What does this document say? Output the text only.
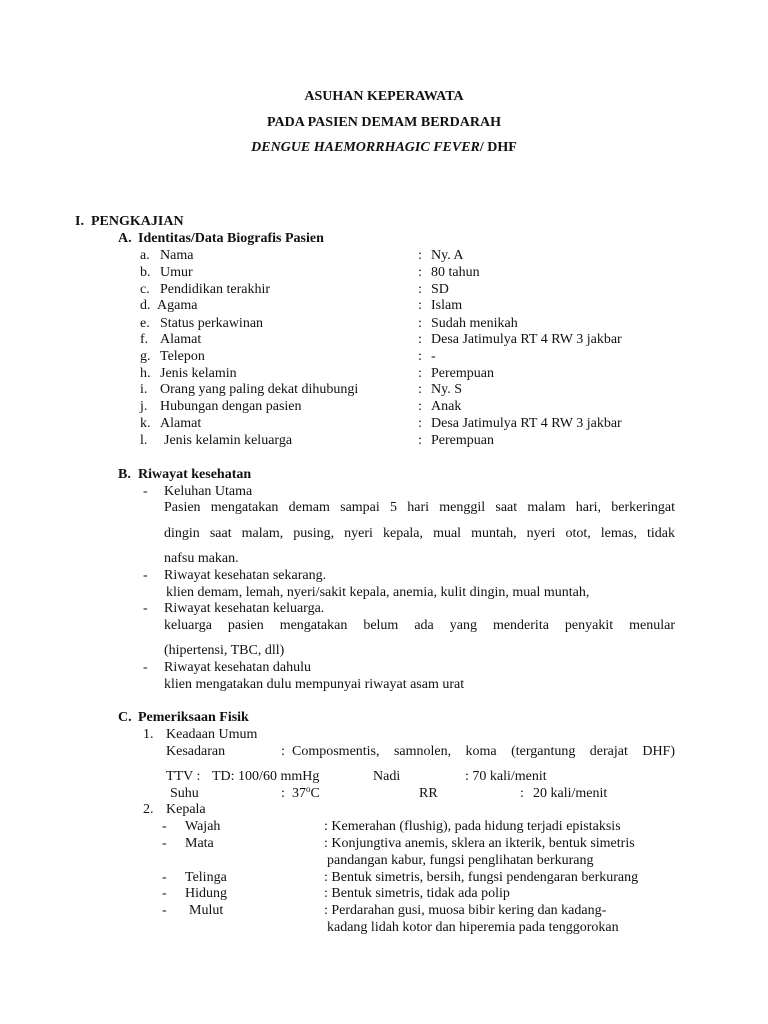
ASUHAN KEPERAWATA
PADA PASIEN DEMAM BERDARAH
DENGUE HAEMORRHAGIC FEVER/ DHF
I. PENGKAJIAN
A. Identitas/Data Biografis Pasien
a. Nama	: Ny. A
b. Umur	: 80 tahun
c. Pendidikan terakhir	: SD
d. Agama	: Islam
e. Status perkawinan	: Sudah menikah
f. Alamat	: Desa Jatimulya RT 4 RW 3 jakbar
g. Telepon	: -
h. Jenis kelamin	: Perempuan
i. Orang yang paling dekat dihubungi	: Ny. S
j. Hubungan dengan pasien	: Anak
k. Alamat	: Desa Jatimulya RT 4 RW 3 jakbar
l. Jenis kelamin keluarga	: Perempuan
B. Riwayat kesehatan
- Keluhan Utama
Pasien mengatakan demam sampai 5 hari menggil saat malam hari, berkeringat
dingin saat malam, pusing, nyeri kepala, mual muntah, nyeri otot, lemas, tidak
nafsu makan.
- Riwayat kesehatan sekarang.
klien demam, lemah, nyeri/sakit kepala, anemia, kulit dingin, mual muntah,
- Riwayat kesehatan keluarga.
keluarga pasien mengatakan belum ada yang menderita penyakit menular
(hipertensi, TBC, dll)
- Riwayat kesehatan dahulu
klien mengatakan dulu mempunyai riwayat asam urat
C. Pemeriksaan Fisik
1. Keadaan Umum
Kesadaran	: Composmentis, samnolen, koma (tergantung derajat DHF)
TTV : TD: 100/60 mmHg	Nadi	: 70 kali/menit
Suhu	: 37$^o$C	RR	: 20 kali/menit
2. Kepala
- Wajah	: Kemerahan (flushig), pada hidung terjadi epistaksis
- Mata	: Konjungtiva anemis, sklera an ikterik, bentuk simetris
pandangan kabur, fungsi penglihatan berkurang
- Telinga	: Bentuk simetris, bersih, fungsi pendengaran berkurang
- Hidung	: Bentuk simetris, tidak ada polip
- Mulut	: Perdarahan gusi, muosa bibir kering dan kadang-
kadang lidah kotor dan hiperemia pada tenggorokan
